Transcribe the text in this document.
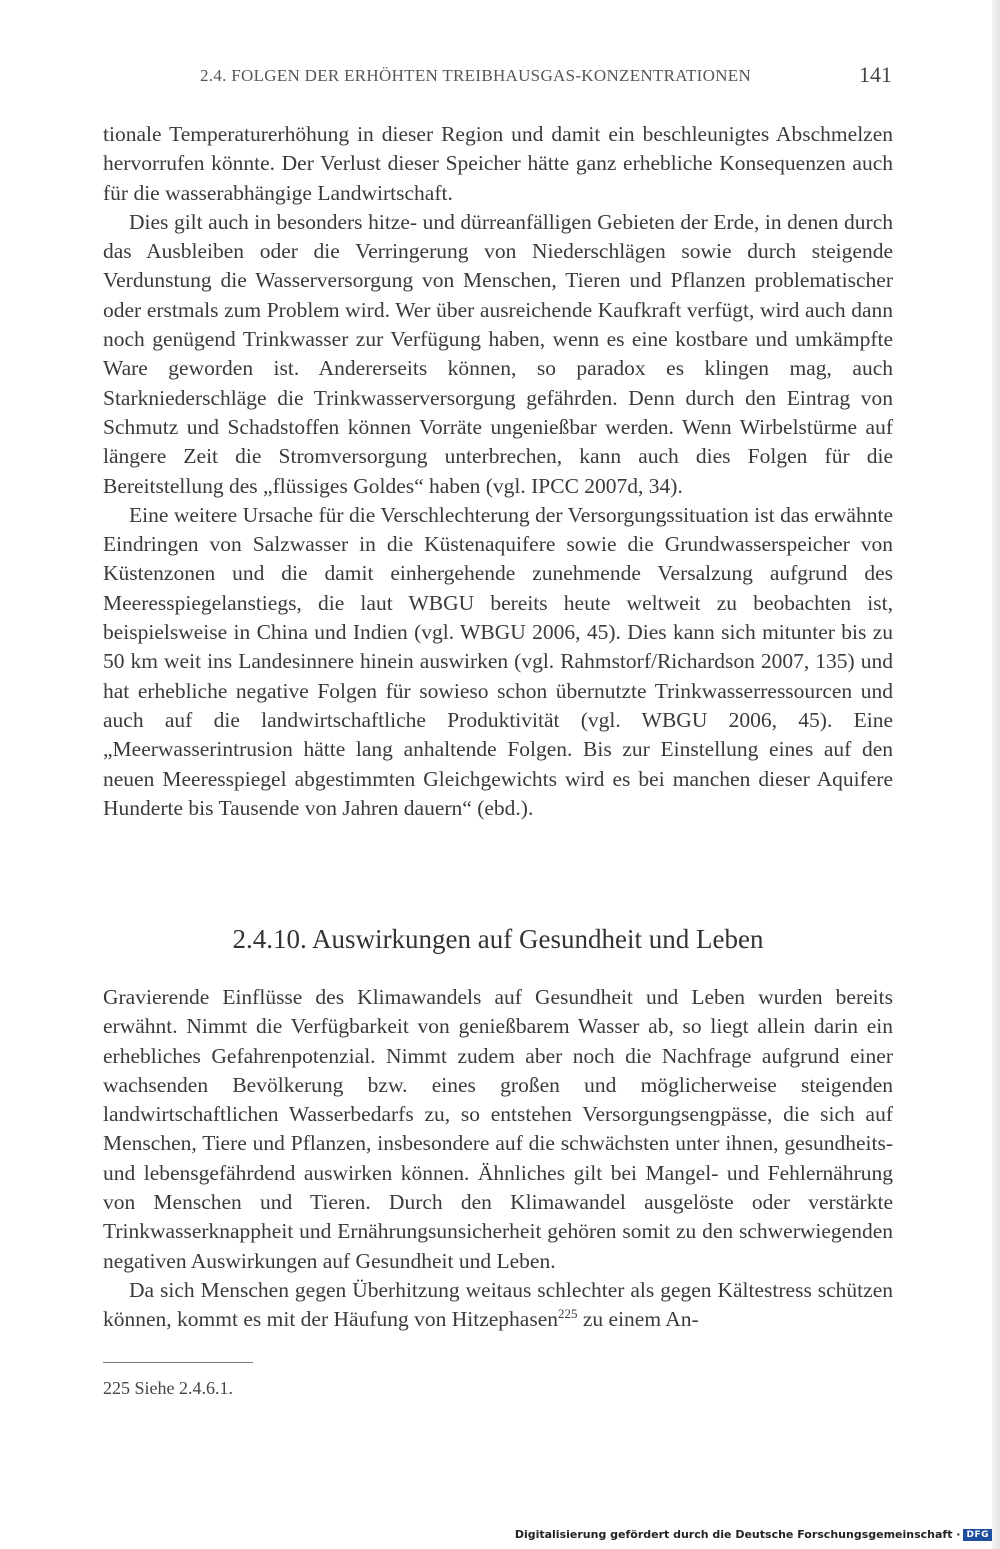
2.4. FOLGEN DER ERHÖHTEN TREIBHAUSGAS-KONZENTRATIONEN	141

tionale Temperaturerhöhung in dieser Region und damit ein beschleunigtes Abschmelzen hervorrufen könnte. Der Verlust dieser Speicher hätte ganz erhebliche Konsequenzen auch für die wasserabhängige Landwirtschaft.

Dies gilt auch in besonders hitze- und dürreanfälligen Gebieten der Erde, in denen durch das Ausbleiben oder die Verringerung von Niederschlägen sowie durch steigende Verdunstung die Wasserversorgung von Menschen, Tieren und Pflanzen problematischer oder erstmals zum Problem wird. Wer über ausreichende Kaufkraft verfügt, wird auch dann noch genügend Trinkwasser zur Verfügung haben, wenn es eine kostbare und umkämpfte Ware geworden ist. Andererseits können, so paradox es klingen mag, auch Starkniederschläge die Trinkwasserversorgung gefährden. Denn durch den Eintrag von Schmutz und Schadstoffen können Vorräte ungenießbar werden. Wenn Wirbelstürme auf längere Zeit die Stromversorgung unterbrechen, kann auch dies Folgen für die Bereitstellung des „flüssiges Goldes“ haben (vgl. IPCC 2007d, 34).

Eine weitere Ursache für die Verschlechterung der Versorgungssituation ist das erwähnte Eindringen von Salzwasser in die Küstenaquifere sowie die Grundwasserspeicher von Küstenzonen und die damit einhergehende zunehmende Versalzung aufgrund des Meeresspiegelanstiegs, die laut WBGU bereits heute weltweit zu beobachten ist, beispielsweise in China und Indien (vgl. WBGU 2006, 45). Dies kann sich mitunter bis zu 50 km weit ins Landesinnere hinein auswirken (vgl. Rahmstorf/Richardson 2007, 135) und hat erhebliche negative Folgen für sowieso schon übernutzte Trinkwasserressourcen und auch auf die landwirtschaftliche Produktivität (vgl. WBGU 2006, 45). Eine „Meerwasserintrusion hätte lang anhaltende Folgen. Bis zur Einstellung eines auf den neuen Meeresspiegel abgestimmten Gleichgewichts wird es bei manchen dieser Aquifere Hunderte bis Tausende von Jahren dauern“ (ebd.).

2.4.10. Auswirkungen auf Gesundheit und Leben

Gravierende Einflüsse des Klimawandels auf Gesundheit und Leben wurden bereits erwähnt. Nimmt die Verfügbarkeit von genießbarem Wasser ab, so liegt allein darin ein erhebliches Gefahrenpotenzial. Nimmt zudem aber noch die Nachfrage aufgrund einer wachsenden Bevölkerung bzw. eines großen und möglicherweise steigenden landwirtschaftlichen Wasserbedarfs zu, so entstehen Versorgungsengpässe, die sich auf Menschen, Tiere und Pflanzen, insbesondere auf die schwächsten unter ihnen, gesundheits- und lebensgefährdend auswirken können. Ähnliches gilt bei Mangel- und Fehlernährung von Menschen und Tieren. Durch den Klimawandel ausgelöste oder verstärkte Trinkwasserknappheit und Ernährungsunsicherheit gehören somit zu den schwerwiegenden negativen Auswirkungen auf Gesundheit und Leben.

Da sich Menschen gegen Überhitzung weitaus schlechter als gegen Kältestress schützen können, kommt es mit der Häufung von Hitzephasen$^{225}$ zu einem An-

225 Siehe 2.4.6.1.
Digitalisierung gefördert durch die Deutsche Forschungsgemeinschaft · DFG
